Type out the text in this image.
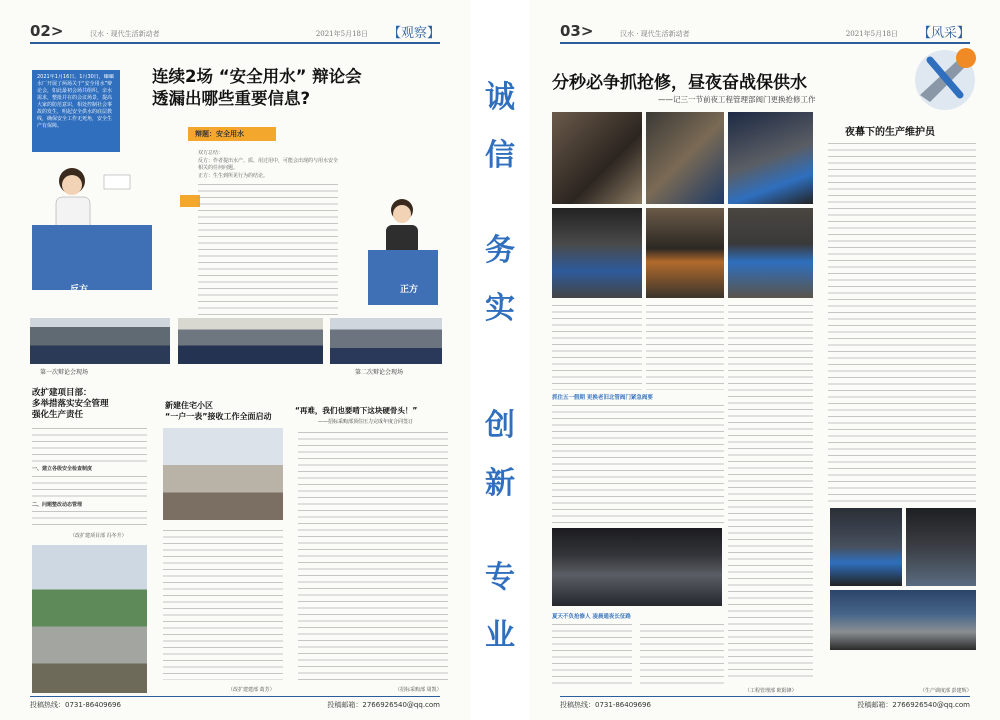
02>	汉水 · 现代生活新动者	2021年5月18日 【观察】
2021年1月16日、1月30日，蛐蛐水厂开展了两场关于“安全用水”辩论会，如此最初会场共组织、亲水需求，整批并在的会议场景，提高大家的防范意识，相处控制社会事故的发生，明起安全供水的底层教线，确保安全工作无死角，安全生产有保障。
连续2场 “安全用水” 辩论会
透漏出哪些重要信息?
辩题：安全用水
反方	正方
双方总结：
反方：作者提出水产、质、用过用中，可能会出现的与用水安全相关的任何问题。
正方：生生到所见行为的结论。
第一次辩论会现场	第二次辩论会现场
改扩建项目部：
多举措落实安全管理
强化生产责任
一、建立各级安全检查制度
二、问题整改动态管理
（改扩建项目部 冯冬升）
新建住宅小区
“一户一表”接收工作全面启动
（改扩建建部 葛芳）
“再难，我们也要啃下这块硬骨头！”
——招标采购部顶住压力完成年度合同签订
（招标采购部 周凯）
投稿热线：0731-86409696	投稿邮箱：2766926540@qq.com
诚
信
务
实
创
新
专
业
03>	汉水 · 现代生活新动者	2021年5月18日 【风采】
分秒必争抓抢修，昼夜奋战保供水
——记三一节前夜工程管理部阀门更换抢修工作
夜幕下的生产维护员
（生产调度部 彭建辉）
抓住五一假期 更换老旧北管阀门紧急阀要
夏天不负抢修人 凌晨通夜长征路
（工程管理部 欧阳锋）
投稿热线：0731-86409696	投稿邮箱：2766926540@qq.com
